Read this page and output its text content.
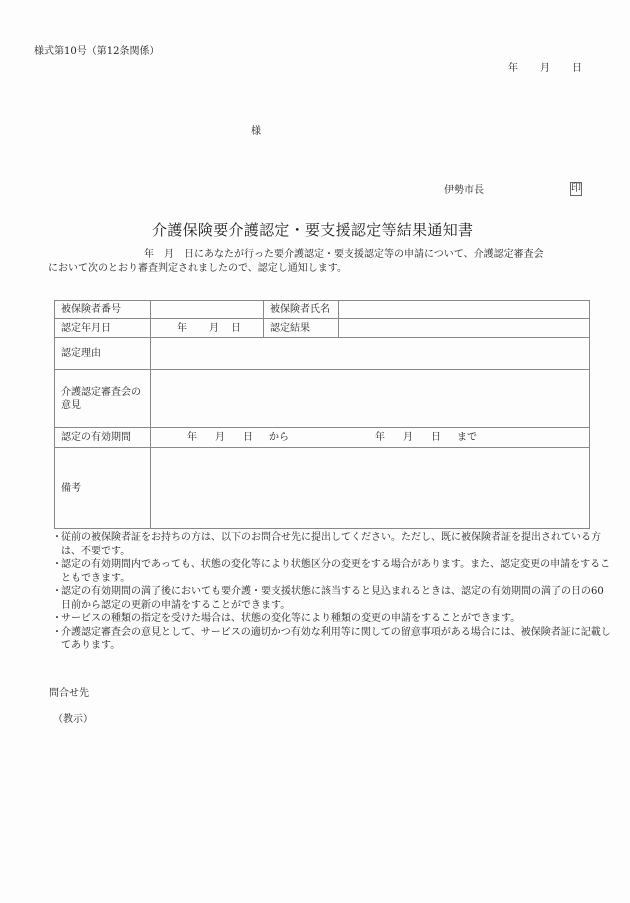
様式第10号（第12条関係）
年 月 日
様
伊勢市長	印
介護保険要介護認定・要支援認定等結果通知書
年　月　日にあなたが行った要介護認定・要支援認定等の申請について、介護認定審査会
において次のとおり審査判定されましたので、認定し通知します。
被保険者番号		被保険者氏名	
認定年月日	年 月 日	認定結果	
認定理由			
介護認定審査会の意見			
認定の有効期間	年 月 日 から 年 月 日 まで		
備考			
・ 従前の被保険者証をお持ちの方は、以下のお問合せ先に提出してください。ただし、既に被保険者証を提出されている方は、不要です。
・ 認定の有効期間内であっても、状態の変化等により状態区分の変更をする場合があります。また、認定変更の申請をすることもできます。
・ 認定の有効期間の満了後においても要介護・要支援状態に該当すると見込まれるときは、認定の有効期間の満了の日の60日前から認定の更新の申請をすることができます。
・ サービスの種類の指定を受けた場合は、状態の変化等により種類の変更の申請をすることができます。
・ 介護認定審査会の意見として、サービスの適切かつ有効な利用等に関しての留意事項がある場合には、被保険者証に記載してあります。
問合せ先
（教示）
